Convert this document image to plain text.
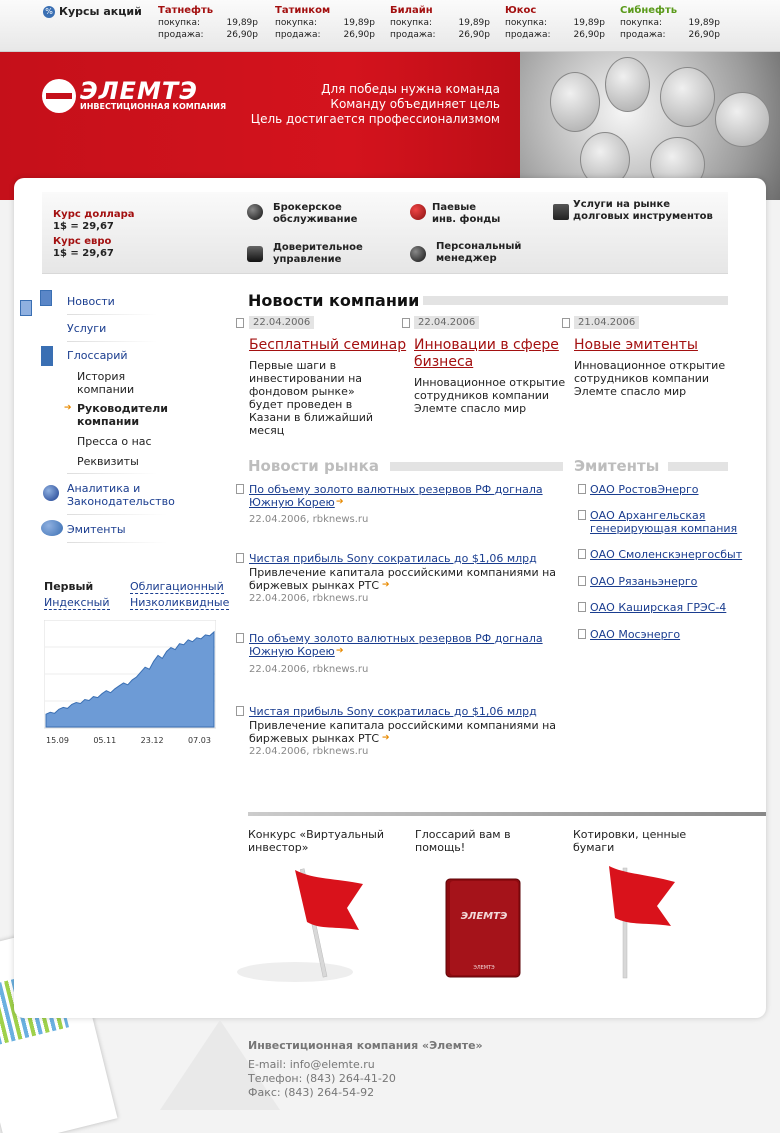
% Курсы акций Татнефть
покупка:	19,89р
продажа:	26,90р
Татинком
покупка:	19,89р
продажа:	26,90р
Билайн
покупка:	19,89р
продажа:	26,90р
Юкос
покупка:	19,89р
продажа:	26,90р
Сибнефть
покупка:	19,89р
продажа:	26,90р
ЭЛЕМТЭ
ИНВЕСТИЦИОННАЯ КОМПАНИЯ
Для победы нужна команда
Команду объединяет цель
Цель достигается профессионализмом
Курс доллара
1$ = 29,67
Курс евро
1$ = 29,67
Брокерское
обслуживание
Паевые
инв. фонды
Услуги на рынке
долговых инструментов
Доверительное
управление
Персональный
менеджер
Новости
Услуги
Глоссарий
История компании
➔ Руководители компании
Пресса о нас
Реквизиты
Аналитика и Законодательство
Эмитенты
Первый	Облигационный
Индексный Низколиквидные
15.09	05.11	23.12	07.03
Новости компании
22.04.2006
Бесплатный семинар
Первые шаги в инвестировании на фондовом рынке» будет проведен в Казани в ближайший месяц
22.04.2006
Инновации в сфере бизнеса
Инновационное открытие сотрудников компании Элемте спасло мир
21.04.2006
Новые эмитенты
Инновационное открытие сотрудников компании Элемте спасло мир
Новости рынка
По объему золото валютных резервов РФ догнала Южную Корею ➔
22.04.2006, rbknews.ru
Чистая прибыль Sony сократилась до $1,06 млрд
Привлечение капитала российскими компаниями на биржевых рынках РТС ➔
22.04.2006, rbknews.ru
По объему золото валютных резервов РФ догнала Южную Корею ➔
22.04.2006, rbknews.ru
Чистая прибыль Sony сократилась до $1,06 млрд
Привлечение капитала российскими компаниями на биржевых рынках РТС ➔
22.04.2006, rbknews.ru
Эмитенты
ОАО РостовЭнерго
ОАО Архангельская генерирующая компания
ОАО Смоленскэнергосбыт
ОАО Рязаньэнерго
ОАО Каширская ГРЭС-4
ОАО Мосэнерго
Конкурс «Виртуальный инвестор»
Глоссарий вам в помощь!
Котировки, ценные бумаги
ЭЛЕМТЭ
ЭЛЕМТЭ
Инвестиционная компания «Элемте»
E-mail: info@elemte.ru
Телефон: (843) 264-41-20
Факс: (843) 264-54-92
